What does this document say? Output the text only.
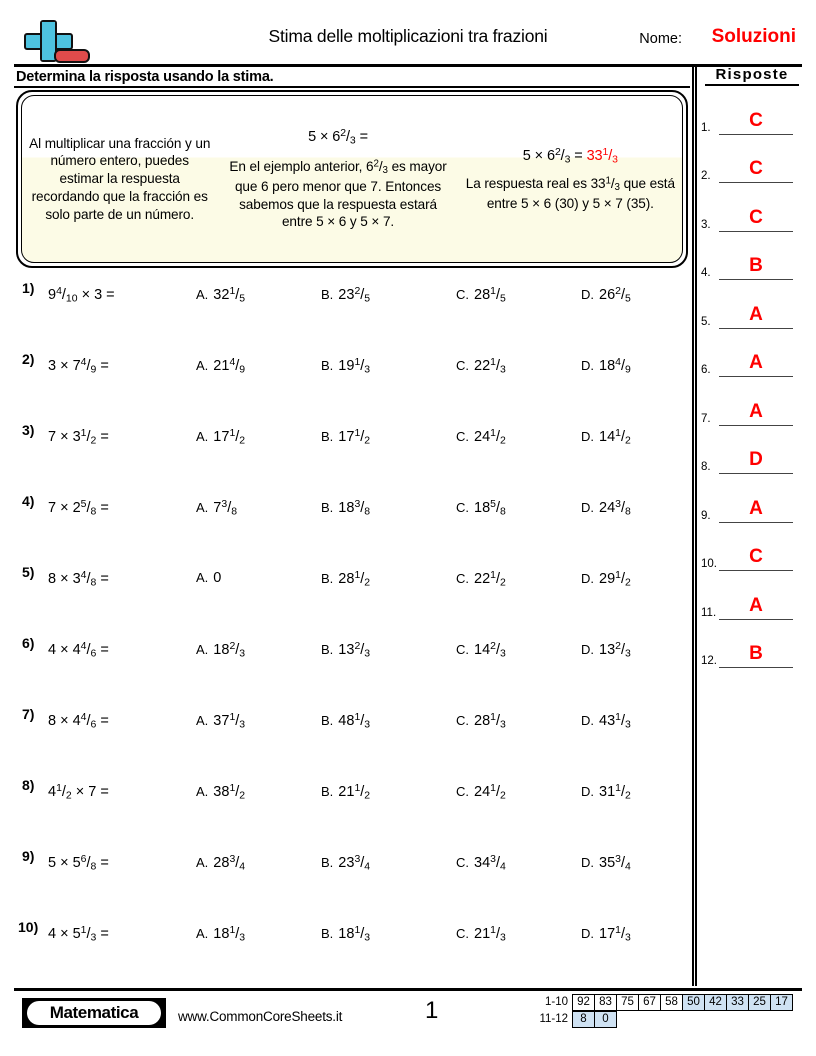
Stima delle moltiplicazioni tra frazioni	Nome: Soluzioni
Determina la risposta usando la stima.
Al multiplicar una fracción y un número entero, puedes estimar la respuesta recordando que la fracción es solo parte de un número.
$5 \times 6^2/3$ =
En el ejemplo anterior, $6^2/3$ es mayor que 6 pero menor que 7. Entonces sabemos que la respuesta estará entre 5 × 6 y 5 × 7.
$5 \times 6^2/3 = 33^1/3$
La respuesta real es $33^1/3$ que está entre 5 × 6 (30) y 5 × 7 (35).
1) $9^4/10 \times 3$ =	A. $32^1/5$	B. $23^2/5$	C. $28^1/5$	D. $26^2/5$
2) $3 \times 7^4/9$ =	A. $21^4/9$	B. $19^1/3$	C. $22^1/3$	D. $18^4/9$
3) $7 \times 3^1/2$ =	A. $17^1/2$	B. $17^1/2$	C. $24^1/2$	D. $14^1/2$
4) $7 \times 2^5/8$ =	A. $7^3/8$	B. $18^3/8$	C. $18^5/8$	D. $24^3/8$
5) $8 \times 3^4/8$ =	A. 0	B. $28^1/2$	C. $22^1/2$	D. $29^1/2$
6) $4 \times 4^4/6$ =	A. $18^2/3$	B. $13^2/3$	C. $14^2/3$	D. $13^2/3$
7) $8 \times 4^4/6$ =	A. $37^1/3$	B. $48^1/3$	C. $28^1/3$	D. $43^1/3$
8) $4^1/2 \times 7$ =	A. $38^1/2$	B. $21^1/2$	C. $24^1/2$	D. $31^1/2$
9) $5 \times 5^6/8$ =	A. $28^3/4$	B. $23^3/4$	C. $34^3/4$	D. $35^3/4$
10) $4 \times 5^1/3$ =	A. $18^1/3$	B. $18^1/3$	C. $21^1/3$	D. $17^1/3$
Risposte
1.	C
2.	C
3.	C
4.	B
5.	A
6.	A
7.	A
8.	D
9.	A
10.	C
11.	A
12.	B
Matematica	www.CommonCoreSheets.it	1	1-10 92 83 75 67 58 50 42 33 25 17
11-12	8	0
